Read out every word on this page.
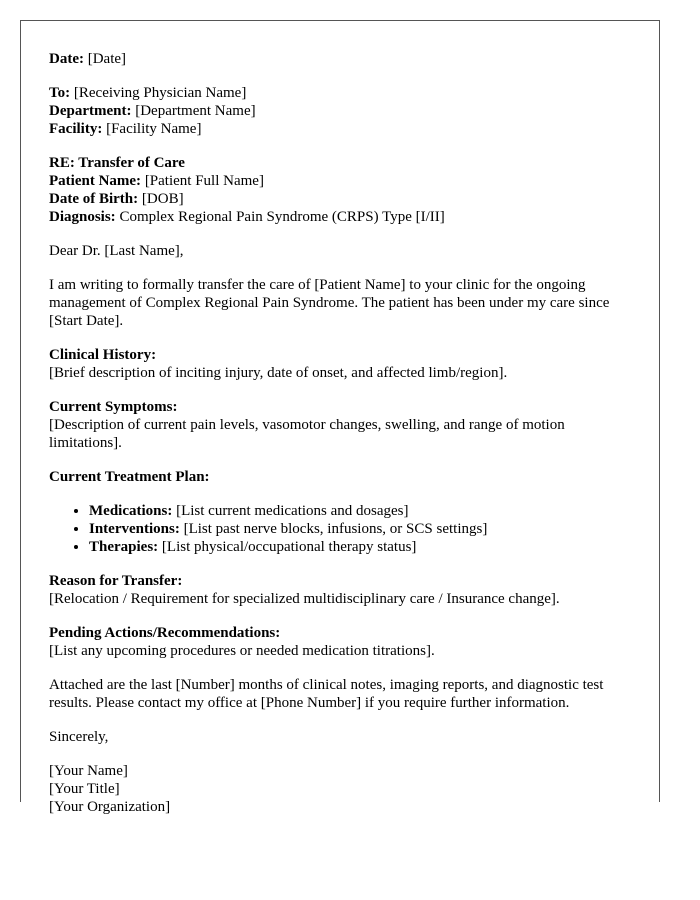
Date: [Date]

To: [Receiving Physician Name]
Department: [Department Name]
Facility: [Facility Name]

RE: Transfer of Care
Patient Name: [Patient Full Name]
Date of Birth: [DOB]
Diagnosis: Complex Regional Pain Syndrome (CRPS) Type [I/II]

Dear Dr. [Last Name],

I am writing to formally transfer the care of [Patient Name] to your clinic for the ongoing management of Complex Regional Pain Syndrome. The patient has been under my care since [Start Date].

Clinical History:
[Brief description of inciting injury, date of onset, and affected limb/region].

Current Symptoms:
[Description of current pain levels, vasomotor changes, swelling, and range of motion limitations].

Current Treatment Plan:

• Medications: [List current medications and dosages]
• Interventions: [List past nerve blocks, infusions, or SCS settings]
• Therapies: [List physical/occupational therapy status]

Reason for Transfer:
[Relocation / Requirement for specialized multidisciplinary care / Insurance change].

Pending Actions/Recommendations:
[List any upcoming procedures or needed medication titrations].

Attached are the last [Number] months of clinical notes, imaging reports, and diagnostic test results. Please contact my office at [Phone Number] if you require further information.

Sincerely,

[Your Name]
[Your Title]
[Your Organization]
